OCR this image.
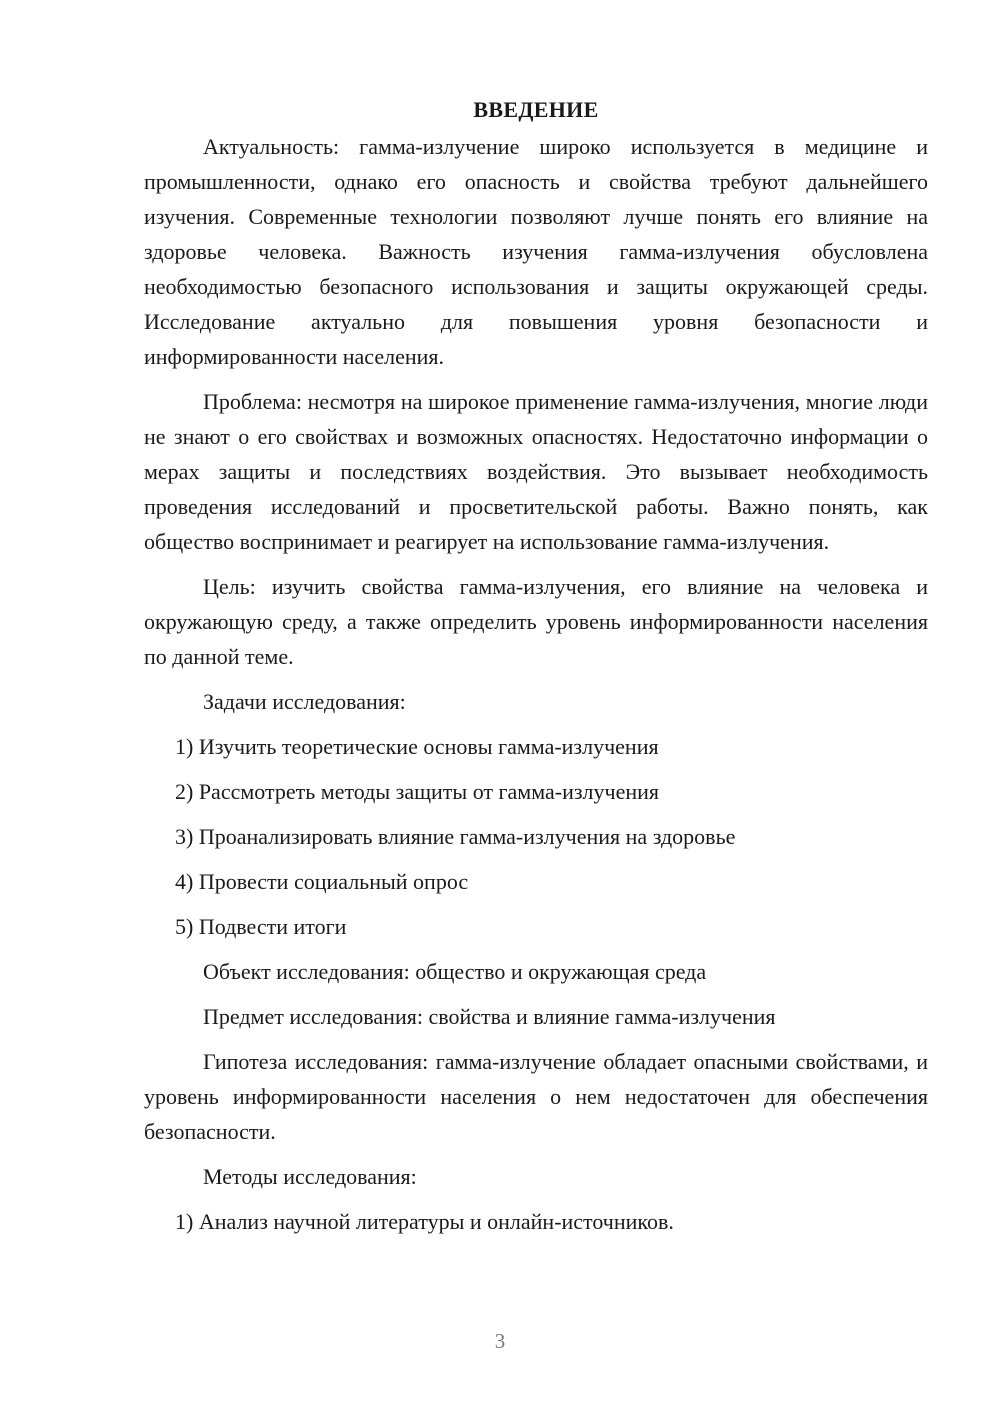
ВВЕДЕНИЕ

Актуальность: гамма-излучение широко используется в медицине и промышленности, однако его опасность и свойства требуют дальнейшего изучения. Современные технологии позволяют лучше понять его влияние на здоровье человека. Важность изучения гамма-излучения обусловлена необходимостью безопасного использования и защиты окружающей среды. Исследование актуально для повышения уровня безопасности и информированности населения.

Проблема: несмотря на широкое применение гамма-излучения, многие люди не знают о его свойствах и возможных опасностях. Недостаточно информации о мерах защиты и последствиях воздействия. Это вызывает необходимость проведения исследований и просветительской работы. Важно понять, как общество воспринимает и реагирует на использование гамма-излучения.

Цель: изучить свойства гамма-излучения, его влияние на человека и окружающую среду, а также определить уровень информированности населения по данной теме.

Задачи исследования:
1) Изучить теоретические основы гамма-излучения
2) Рассмотреть методы защиты от гамма-излучения
3) Проанализировать влияние гамма-излучения на здоровье
4) Провести социальный опрос
5) Подвести итоги
Объект исследования: общество и окружающая среда
Предмет исследования: свойства и влияние гамма-излучения

Гипотеза исследования: гамма-излучение обладает опасными свойствами, и уровень информированности населения о нем недостаточен для обеспечения безопасности.

Методы исследования:
1) Анализ научной литературы и онлайн-источников.
3
